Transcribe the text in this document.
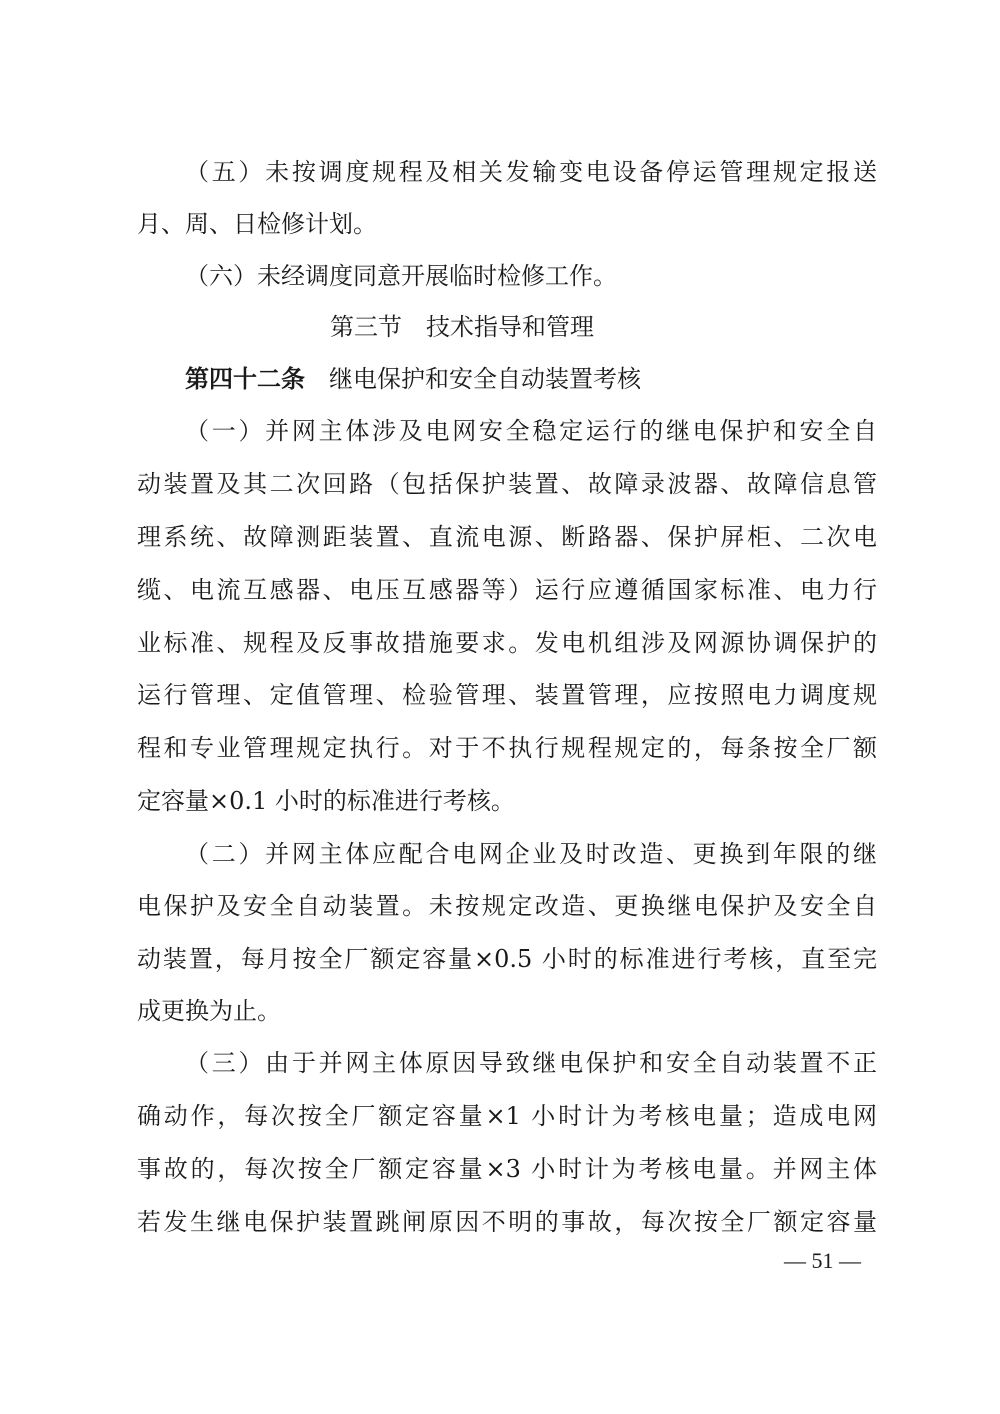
（五）未按调度规程及相关发输变电设备停运管理规定报送
月、周、日检修计划。
（六）未经调度同意开展临时检修工作。
第三节 技术指导和管理
第四十二条 继电保护和安全自动装置考核
（一）并网主体涉及电网安全稳定运行的继电保护和安全自
动装置及其二次回路（包括保护装置、故障录波器、故障信息管
理系统、故障测距装置、直流电源、断路器、保护屏柜、二次电
缆、电流互感器、电压互感器等）运行应遵循国家标准、电力行
业标准、规程及反事故措施要求。发电机组涉及网源协调保护的
运行管理、定值管理、检验管理、装置管理，应按照电力调度规
程和专业管理规定执行。对于不执行规程规定的，每条按全厂额
定容量×0.1 小时的标准进行考核。
（二）并网主体应配合电网企业及时改造、更换到年限的继
电保护及安全自动装置。未按规定改造、更换继电保护及安全自
动装置，每月按全厂额定容量×0.5 小时的标准进行考核，直至完
成更换为止。
（三）由于并网主体原因导致继电保护和安全自动装置不正
确动作，每次按全厂额定容量×1 小时计为考核电量；造成电网
事故的，每次按全厂额定容量×3 小时计为考核电量。并网主体
若发生继电保护装置跳闸原因不明的事故，每次按全厂额定容量
— 51 —
